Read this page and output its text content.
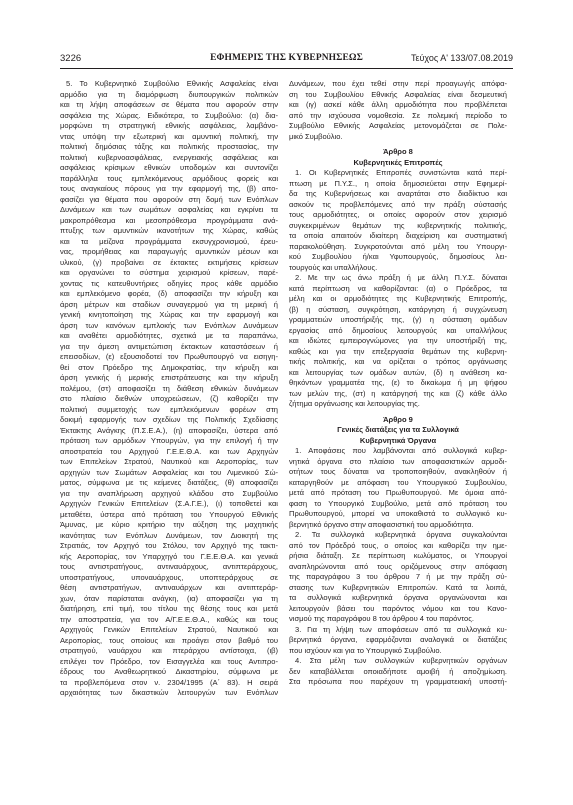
3226	ΕΦΗΜΕΡΙΣ ΤΗΣ ΚΥΒΕΡΝΗΣΕΩΣ	Τεύχος Α' 133/07.08.2019
5. Το Κυβερνητικό Συμβούλιο Εθνικής Ασφαλείας είναι
αρμόδιο για τη διαμόρφωση διυπουργικών πολιτικών
και τη λήψη αποφάσεων σε θέματα που αφορούν στην
ασφάλεια της Χώρας. Ειδικότερα, το Συμβούλιο: (α) δια-
μορφώνει τη στρατηγική εθνικής ασφάλειας, λαμβάνο-
ντας υπόψη την εξωτερική και αμυντική πολιτική, την
πολιτική δημόσιας τάξης και πολιτικής προστασίας, την
πολιτική κυβερνοασφάλειας, ενεργειακής ασφάλειας και
ασφάλειας κρίσιμων εθνικών υποδομών και συντονίζει
παράλληλα τους εμπλεκόμενους αρμόδιους φορείς και
τους αναγκαίους πόρους για την εφαρμογή της, (β) απο-
φασίζει για θέματα που αφορούν στη δομή των Ενόπλων
Δυνάμεων και των σωμάτων ασφαλείας και εγκρίνει τα
μακροπρόθεσμα και μεσοπρόθεσμα προγράμματα ανά-
πτυξης των αμυντικών ικανοτήτων της Χώρας, καθώς
και τα μείζονα προγράμματα εκσυγχρονισμού, έρευ-
νας, προμήθειας και παραγωγής αμυντικών μέσων και
υλικού, (γ) προβαίνει σε έκτακτες εκτιμήσεις κρίσεων
και οργανώνει το σύστημα χειρισμού κρίσεων, παρέ-
χοντας τις κατευθυντήριες οδηγίες προς κάθε αρμόδιο
και εμπλεκόμενο φορέα, (δ) αποφασίζει την κήρυξη και
άρση μέτρων και σταδίων συναγερμού για τη μερική ή
γενική κινητοποίηση της Χώρας και την εφαρμογή και
άρση των κανόνων εμπλοκής των Ενόπλων Δυνάμεων
και αναθέτει αρμοδιότητες, σχετικά με τα παραπάνω,
για την άμεση αντιμετώπιση έκτακτων καταστάσεων ή
επεισοδίων, (ε) εξουσιοδοτεί τον Πρωθυπουργό να εισηγη-
θεί στον Πρόεδρο της Δημοκρατίας, την κήρυξη και
άρση γενικής ή μερικής επιστράτευσης και την κήρυξη
πολέμου, (στ) αποφασίζει τη διάθεση εθνικών δυνάμεων
στο πλαίσιο διεθνών υποχρεώσεων, (ζ) καθορίζει την
πολιτική συμμετοχής των εμπλεκόμενων φορέων στη
δοκιμή εφαρμογής των σχεδίων της Πολιτικής Σχεδίασης
Έκτακτης Ανάγκης (Π.Σ.Ε.Α.), (η) αποφασίζει, ύστερα από
πρόταση των αρμόδιων Υπουργών, για την επιλογή ή την
αποστρατεία του Αρχηγού Γ.Ε.Ε.Θ.Α. και των Αρχηγών
των Επιτελείων Στρατού, Ναυτικού και Αεροπορίας, των
αρχηγών των Σωμάτων Ασφαλείας και του Λιμενικού Σώ-
ματος, σύμφωνα με τις κείμενες διατάξεις, (θ) αποφασίζει
για την αναπλήρωση αρχηγού κλάδου στο Συμβούλιο
Αρχηγών Γενικών Επιτελείων (Σ.Α.Γ.Ε.), (ι) τοποθετεί και
μεταθέτει, ύστερα από πρόταση του Υπουργού Εθνικής
Άμυνας, με κύριο κριτήριο την αύξηση της μαχητικής
ικανότητας των Ενόπλων Δυνάμεων, τον Διοικητή της
Στρατιάς, τον Αρχηγό του Στόλου, τον Αρχηγό της τακτι-
κής Αεροπορίας, τον Υπαρχηγό του Γ.Ε.Ε.Θ.Α. και γενικά
τους αντιστρατήγους, αντιναυάρχους, αντιπτεράρχους,
υποστρατήγους, υποναυάρχους, υποπτεράρχους σε
θέση αντιστρατήγων, αντιναυάρχων και αντιπτεράρ-
χων, όταν παρίσταται ανάγκη, (ια) αποφασίζει για τη
διατήρηση, επί τιμή, του τίτλου της θέσης τους και μετά
την αποστρατεία, για τον Α/Γ.Ε.Ε.Θ.Α., καθώς και τους
Αρχηγούς Γενικών Επιτελείων Στρατού, Ναυτικού και
Αεροπορίας, τους οποίους και προάγει στον βαθμό του
στρατηγού, ναυάρχου και πτεράρχου αντίστοιχα, (ιβ)
επιλέγει τον Πρόεδρο, τον Εισαγγελέα και τους Αντιπρο-
έδρους του Αναθεωρητικού Δικαστηρίου, σύμφωνα με
τα προβλεπόμενα στον ν. 2304/1995 (Α΄ 83). Η σειρά
αρχαιότητας των δικαστικών λειτουργών των Ενόπλων
Δυνάμεων, που έχει τεθεί στην περί προαγωγής απόφα-
ση του Συμβουλίου Εθνικής Ασφαλείας είναι δεσμευτική
και (ιγ) ασκεί κάθε άλλη αρμοδιότητα που προβλέπεται
από την ισχύουσα νομοθεσία. Σε πολεμική περίοδο το
Συμβούλιο Εθνικής Ασφαλείας μετονομάζεται σε Πολε-
μικό Συμβούλιο.
Άρθρο 8
Κυβερνητικές Επιτροπές
1. Οι Κυβερνητικές Επιτροπές συνιστώνται κατά περί-
πτωση με Π.Υ.Σ., η οποία δημοσιεύεται στην Εφημερί-
δα της Κυβερνήσεως και αναρτάται στο διαδίκτυο και
ασκούν τις προβλεπόμενες από την πράξη σύστασής
τους αρμοδιότητες, οι οποίες αφορούν στον χειρισμό
συγκεκριμένων θεμάτων της κυβερνητικής πολιτικής,
τα οποία απαιτούν ιδιαίτερη διαχείριση και συστηματική
παρακολούθηση. Συγκροτούνται από μέλη του Υπουργι-
κού Συμβουλίου ή/και Υφυπουργούς, δημοσίους λει-
τουργούς και υπαλλήλους.
2. Με την ως άνω πράξη ή με άλλη Π.Υ.Σ. δύναται
κατά περίπτωση να καθορίζονται: (α) ο Πρόεδρος, τα
μέλη και οι αρμοδιότητες της Κυβερνητικής Επιτροπής,
(β) η σύσταση, συγκρότηση, κατάργηση ή συγχώνευση
γραμματειών υποστήριξής της, (γ) η σύσταση ομάδων
εργασίας από δημοσίους λειτουργούς και υπαλλήλους
και ιδιώτες εμπειρογνώμονες για την υποστήριξή της,
καθώς και για την επεξεργασία θεμάτων της κυβερνη-
τικής πολιτικής, και να ορίζεται ο τρόπος οργάνωσης
και λειτουργίας των ομάδων αυτών, (δ) η ανάθεση κα-
θηκόντων γραμματέα της, (ε) το δικαίωμα ή μη ψήφου
των μελών της, (στ) η κατάργησή της και (ζ) κάθε άλλο
ζήτημα οργάνωσης και λειτουργίας της.
Άρθρο 9
Γενικές διατάξεις για τα Συλλογικά
Κυβερνητικά Όργανα
1. Αποφάσεις που λαμβάνονται από συλλογικά κυβερ-
νητικά όργανα στο πλαίσιο των αποφασιστικών αρμοδι-
οτήτων τους δύναται να τροποποιηθούν, ανακληθούν ή
καταργηθούν με απόφαση του Υπουργικού Συμβουλίου,
μετά από πρόταση του Πρωθυπουργού. Με όμοια από-
φαση το Υπουργικό Συμβούλιο, μετά από πρόταση του
Πρωθυπουργού, μπορεί να υποκαθιστά το συλλογικό κυ-
βερνητικό όργανο στην αποφασιστική του αρμοδιότητα.
2. Τα συλλογικά κυβερνητικά όργανα συγκαλούνται
από τον Πρόεδρό τους, ο οποίος και καθορίζει την ημε-
ρήσια διάταξη. Σε περίπτωση κωλύματος, οι Υπουργοί
αναπληρώνονται από τους οριζόμενους στην απόφαση
της παραγράφου 3 του άρθρου 7 ή με την πράξη σύ-
στασης των Κυβερνητικών Επιτροπών. Κατά τα λοιπά,
τα συλλογικά κυβερνητικά όργανα οργανώνονται και
λειτουργούν βάσει του παρόντος νόμου και του Κανο-
νισμού της παραγράφου 8 του άρθρου 4 του παρόντος.
3. Για τη λήψη των αποφάσεων από τα συλλογικά κυ-
βερνητικά όργανα, εφαρμόζονται αναλογικά οι διατάξεις
που ισχύουν και για το Υπουργικό Συμβούλιο.
4. Στα μέλη των συλλογικών κυβερνητικών οργάνων
δεν καταβάλλεται οποιαδήποτε αμοιβή ή αποζημίωση.
Στα πρόσωπα που παρέχουν τη γραμματειακή υποστή-
